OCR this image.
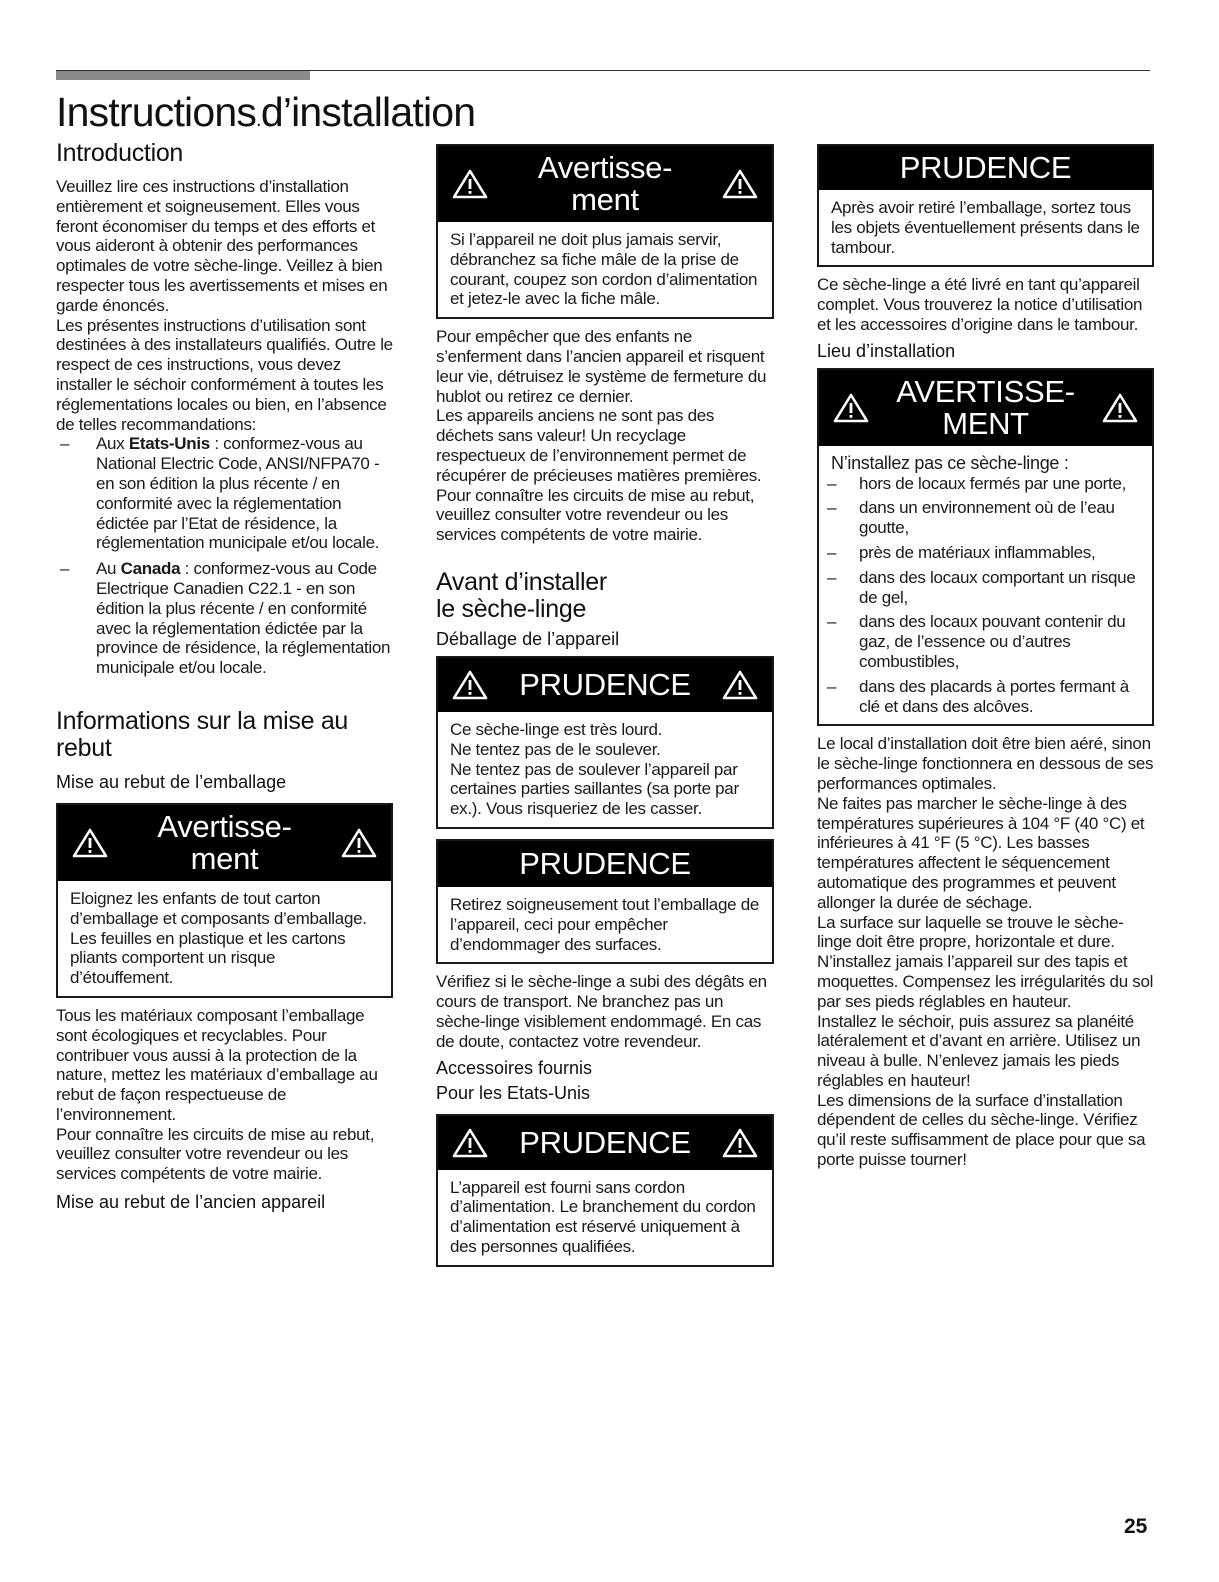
Instructions.d’installation
Introduction

Veuillez lire ces instructions d’installation entièrement et soigneusement. Elles vous feront économiser du temps et des efforts et vous aideront à obtenir des performances optimales de votre sèche-linge. Veillez à bien respecter tous les avertissements et mises en garde énoncés.

Les présentes instructions d’utilisation sont destinées à des installateurs qualifiés. Outre le respect de ces instructions, vous devez installer le séchoir conformément à toutes les réglementations locales ou bien, en l’absence de telles recommandations:

– Aux Etats-Unis : conformez-vous au National Electric Code, ANSI/NFPA70 - en son édition la plus récente / en conformité avec la réglementation édictée par l’Etat de résidence, la réglementation municipale et/ou locale.
– Au Canada : conformez-vous au Code Electrique Canadien C22.1 - en son édition la plus récente / en conformité avec la réglementation édictée par la province de résidence, la réglementation municipale et/ou locale.
Informations sur la mise au rebut
Mise au rebut de l’emballage
Avertisse-
ment

Eloignez les enfants de tout carton d’emballage et composants d’emballage. Les feuilles en plastique et les cartons pliants comportent un risque d’étouffement.

Tous les matériaux composant l’emballage sont écologiques et recyclables. Pour contribuer vous aussi à la protection de la nature, mettez les matériaux d’emballage au rebut de façon respectueuse de l’environnement.

Pour connaître les circuits de mise au rebut, veuillez consulter votre revendeur ou les services compétents de votre mairie.

Mise au rebut de l’ancien appareil
Avertisse-
ment

Si l’appareil ne doit plus jamais servir, débranchez sa fiche mâle de la prise de courant, coupez son cordon d’alimentation et jetez-le avec la fiche mâle.

Pour empêcher que des enfants ne s’enferment dans l’ancien appareil et risquent leur vie, détruisez le système de fermeture du hublot ou retirez ce dernier.

Les appareils anciens ne sont pas des déchets sans valeur! Un recyclage respectueux de l’environnement permet de récupérer de précieuses matières premières.

Pour connaître les circuits de mise au rebut, veuillez consulter votre revendeur ou les services compétents de votre mairie.

Avant d’installer
le sèche-linge
Déballage de l’appareil
PRUDENCE

Ce sèche-linge est très lourd.

Ne tentez pas de le soulever.

Ne tentez pas de soulever l’appareil par certaines parties saillantes (sa porte par ex.). Vous risqueriez de les casser.

PRUDENCE

Retirez soigneusement tout l’emballage de l’appareil, ceci pour empêcher d’endommager des surfaces.

Vérifiez si le sèche-linge a subi des dégâts en cours de transport. Ne branchez pas un sèche-linge visiblement endommagé. En cas de doute, contactez votre revendeur.

Accessoires fournis
Pour les Etats-Unis
PRUDENCE

L’appareil est fourni sans cordon d’alimentation. Le branchement du cordon d’alimentation est réservé uniquement à des personnes qualifiées.

PRUDENCE

Après avoir retiré l’emballage, sortez tous les objets éventuellement présents dans le tambour.

Ce sèche-linge a été livré en tant qu’appareil complet. Vous trouverez la notice d’utilisation et les accessoires d’origine dans le tambour.

Lieu d’installation
AVERTISSE-
MENT

N’installez pas ce sèche-linge :

– hors de locaux fermés par une porte,
– dans un environnement où de l’eau goutte,
– près de matériaux inflammables,
– dans des locaux comportant un risque de gel,
– dans des locaux pouvant contenir du gaz, de l’essence ou d’autres combustibles,
– dans des placards à portes fermant à clé et dans des alcôves.

Le local d’installation doit être bien aéré, sinon le sèche-linge fonctionnera en dessous de ses performances optimales.

Ne faites pas marcher le sèche-linge à des températures supérieures à 104 °F (40 °C) et inférieures à 41 °F (5 °C). Les basses températures affectent le séquencement automatique des programmes et peuvent allonger la durée de séchage.

La surface sur laquelle se trouve le sèche-linge doit être propre, horizontale et dure. N’installez jamais l’appareil sur des tapis et moquettes. Compensez les irrégularités du sol par ses pieds réglables en hauteur.

Installez le séchoir, puis assurez sa planéité latéralement et d’avant en arrière. Utilisez un niveau à bulle. N’enlevez jamais les pieds réglables en hauteur!

Les dimensions de la surface d’installation dépendent de celles du sèche-linge. Vérifiez qu’il reste suffisamment de place pour que sa porte puisse tourner!

25
